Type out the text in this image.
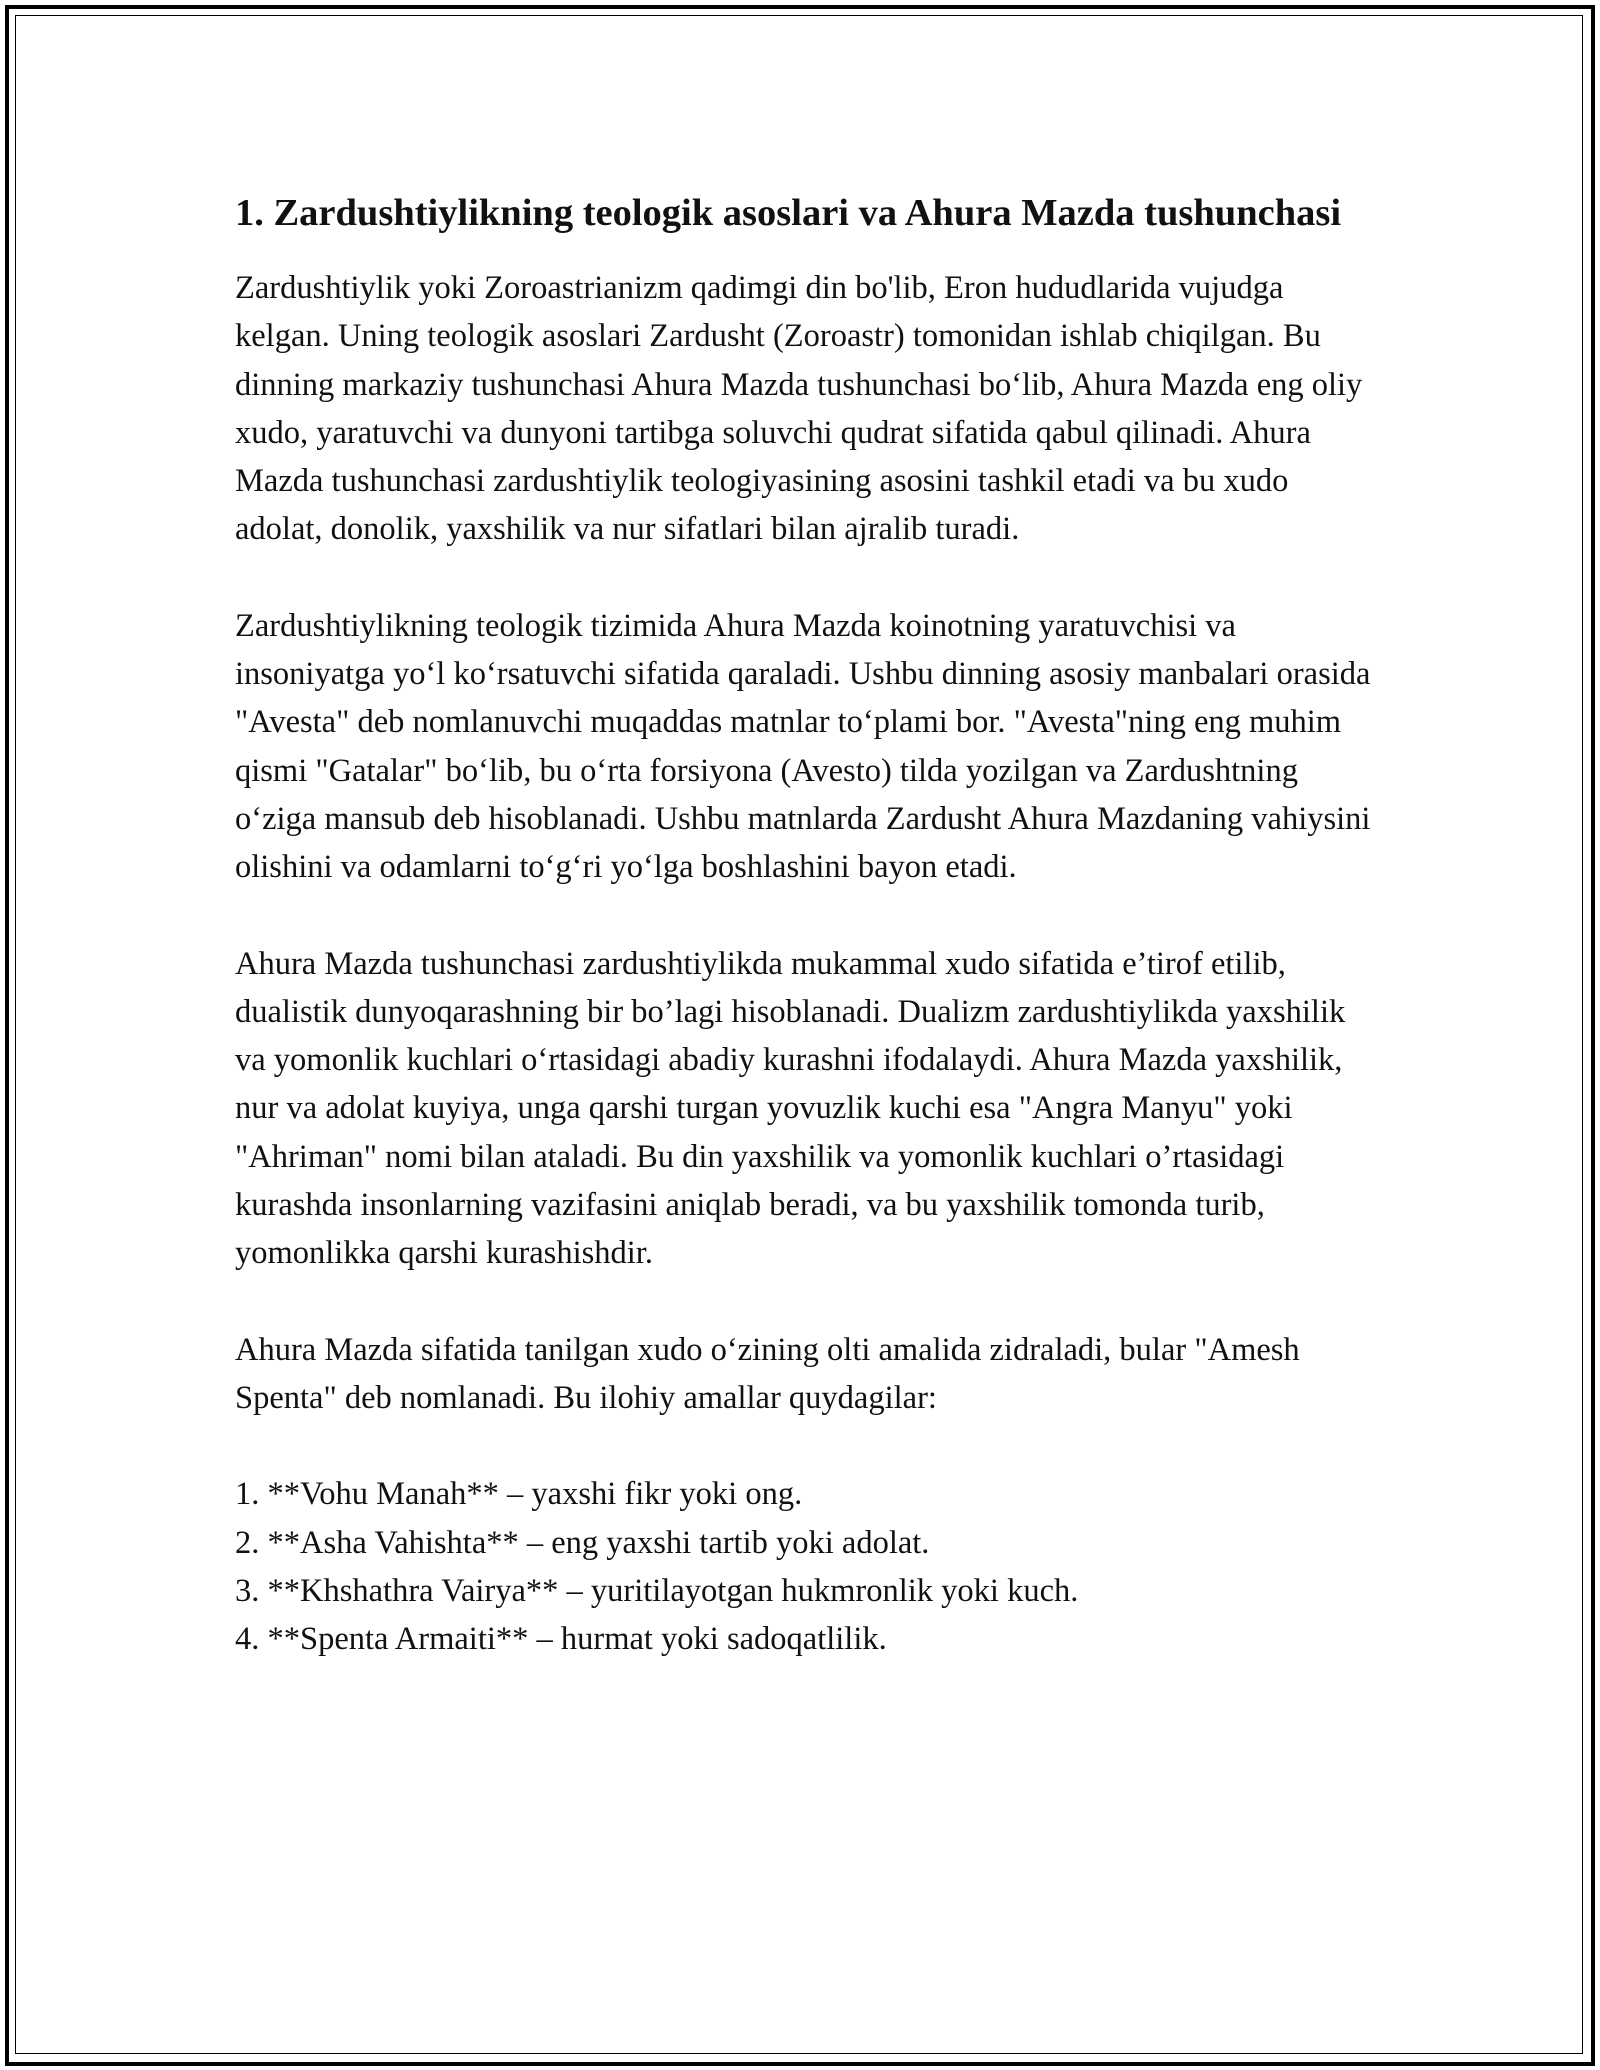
1. Zardushtiylikning teologik asoslari va Ahura Mazda tushunchasi

Zardushtiylik yoki Zoroastrianizm qadimgi din bo'lib, Eron hududlarida vujudga kelgan. Uning teologik asoslari Zardusht (Zoroastr) tomonidan ishlab chiqilgan. Bu dinning markaziy tushunchasi Ahura Mazda tushunchasi bo‘lib, Ahura Mazda eng oliy xudo, yaratuvchi va dunyoni tartibga soluvchi qudrat sifatida qabul qilinadi. Ahura Mazda tushunchasi zardushtiylik teologiyasining asosini tashkil etadi va bu xudo adolat, donolik, yaxshilik va nur sifatlari bilan ajralib turadi.

Zardushtiylikning teologik tizimida Ahura Mazda koinotning yaratuvchisi va insoniyatga yo‘l ko‘rsatuvchi sifatida qaraladi. Ushbu dinning asosiy manbalari orasida "Avesta" deb nomlanuvchi muqaddas matnlar to‘plami bor. "Avesta"ning eng muhim qismi "Gatalar" bo‘lib, bu o‘rta forsiyona (Avesto) tilda yozilgan va Zardushtning o‘ziga mansub deb hisoblanadi. Ushbu matnlarda Zardusht Ahura Mazdaning vahiysini olishini va odamlarni to‘g‘ri yo‘lga boshlashini bayon etadi.

Ahura Mazda tushunchasi zardushtiylikda mukammal xudo sifatida e’tirof etilib, dualistik dunyoqarashning bir bo’lagi hisoblanadi. Dualizm zardushtiylikda yaxshilik va yomonlik kuchlari o‘rtasidagi abadiy kurashni ifodalaydi. Ahura Mazda yaxshilik, nur va adolat kuyiya, unga qarshi turgan yovuzlik kuchi esa "Angra Manyu" yoki "Ahriman" nomi bilan ataladi. Bu din yaxshilik va yomonlik kuchlari o’rtasidagi kurashda insonlarning vazifasini aniqlab beradi, va bu yaxshilik tomonda turib, yomonlikka qarshi kurashishdir.

Ahura Mazda sifatida tanilgan xudo o‘zining olti amalida zidraladi, bular "Amesh Spenta" deb nomlanadi. Bu ilohiy amallar quydagilar:

1. **Vohu Manah** – yaxshi fikr yoki ong.
2. **Asha Vahishta** – eng yaxshi tartib yoki adolat.
3. **Khshathra Vairya** – yuritilayotgan hukmronlik yoki kuch.
4. **Spenta Armaiti** – hurmat yoki sadoqatlilik.
